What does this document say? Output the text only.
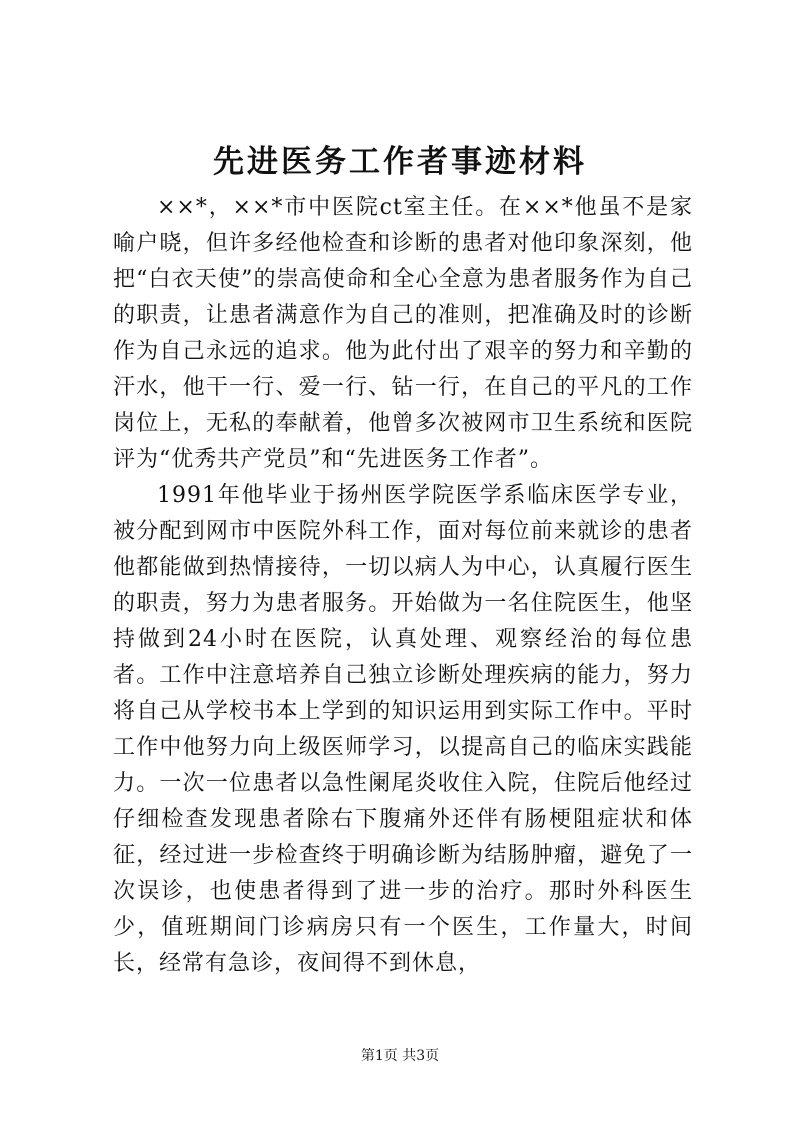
先进医务工作者事迹材料

××*，××*市中医院ct室主任。在××*他虽不是家喻户晓，但许多经他检查和诊断的患者对他印象深刻，他把“白衣天使”的崇高使命和全心全意为患者服务作为自己的职责，让患者满意作为自己的准则，把准确及时的诊断作为自己永远的追求。他为此付出了艰辛的努力和辛勤的汗水，他干一行、爱一行、钻一行，在自己的平凡的工作岗位上，无私的奉献着，他曾多次被网市卫生系统和医院评为“优秀共产党员”和“先进医务工作者”。

1991年他毕业于扬州医学院医学系临床医学专业，被分配到网市中医院外科工作，面对每位前来就诊的患者他都能做到热情接待，一切以病人为中心，认真履行医生的职责，努力为患者服务。开始做为一名住院医生，他坚持做到24小时在医院，认真处理、观察经治的每位患者。工作中注意培养自己独立诊断处理疾病的能力，努力将自己从学校书本上学到的知识运用到实际工作中。平时工作中他努力向上级医师学习，以提高自己的临床实践能力。一次一位患者以急性阑尾炎收住入院，住院后他经过仔细检查发现患者除右下腹痛外还伴有肠梗阻症状和体征，经过进一步检查终于明确诊断为结肠肿瘤，避免了一次误诊，也使患者得到了进一步的治疗。那时外科医生少，值班期间门诊病房只有一个医生，工作量大，时间长，经常有急诊，夜间得不到休息，

第1页 共3页
